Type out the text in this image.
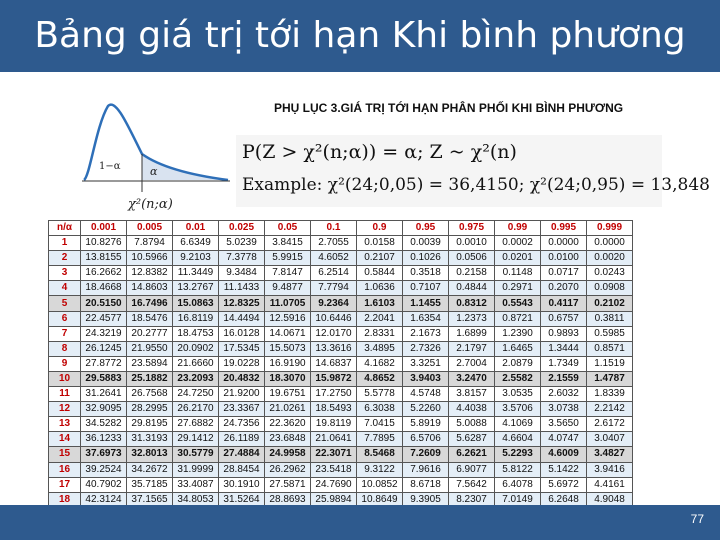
Bảng giá trị tới hạn Khi bình phương
PHỤ LỤC 3.GIÁ TRỊ TỚI HẠN PHÂN PHỐI KHI BÌNH PHƯƠNG
1−α	α
χ²(n;α)
P(Z > χ²(n;α)) = α; Z ~ χ²(n)
Example: χ²(24;0,05) = 36,4150; χ²(24;0,95) = 13,848
n/α	0.001	0.005	0.01	0.025	0.05	0.1	0.9	0.95	0.975	0.99	0.995	0.999
1	10.8276	7.8794	6.6349	5.0239	3.8415	2.7055	0.0158	0.0039	0.0010	0.0002	0.0000	0.0000
2	13.8155	10.5966	9.2103	7.3778	5.9915	4.6052	0.2107	0.1026	0.0506	0.0201	0.0100	0.0020
3	16.2662	12.8382	11.3449	9.3484	7.8147	6.2514	0.5844	0.3518	0.2158	0.1148	0.0717	0.0243
4	18.4668	14.8603	13.2767	11.1433	9.4877	7.7794	1.0636	0.7107	0.4844	0.2971	0.2070	0.0908
5	20.5150	16.7496	15.0863	12.8325	11.0705	9.2364	1.6103	1.1455	0.8312	0.5543	0.4117	0.2102
6	22.4577	18.5476	16.8119	14.4494	12.5916	10.6446	2.2041	1.6354	1.2373	0.8721	0.6757	0.3811
7	24.3219	20.2777	18.4753	16.0128	14.0671	12.0170	2.8331	2.1673	1.6899	1.2390	0.9893	0.5985
8	26.1245	21.9550	20.0902	17.5345	15.5073	13.3616	3.4895	2.7326	2.1797	1.6465	1.3444	0.8571
9	27.8772	23.5894	21.6660	19.0228	16.9190	14.6837	4.1682	3.3251	2.7004	2.0879	1.7349	1.1519
10	29.5883	25.1882	23.2093	20.4832	18.3070	15.9872	4.8652	3.9403	3.2470	2.5582	2.1559	1.4787
11	31.2641	26.7568	24.7250	21.9200	19.6751	17.2750	5.5778	4.5748	3.8157	3.0535	2.6032	1.8339
12	32.9095	28.2995	26.2170	23.3367	21.0261	18.5493	6.3038	5.2260	4.4038	3.5706	3.0738	2.2142
13	34.5282	29.8195	27.6882	24.7356	22.3620	19.8119	7.0415	5.8919	5.0088	4.1069	3.5650	2.6172
14	36.1233	31.3193	29.1412	26.1189	23.6848	21.0641	7.7895	6.5706	5.6287	4.6604	4.0747	3.0407
15	37.6973	32.8013	30.5779	27.4884	24.9958	22.3071	8.5468	7.2609	6.2621	5.2293	4.6009	3.4827
16	39.2524	34.2672	31.9999	28.8454	26.2962	23.5418	9.3122	7.9616	6.9077	5.8122	5.1422	3.9416
17	40.7902	35.7185	33.4087	30.1910	27.5871	24.7690	10.0852	8.6718	7.5642	6.4078	5.6972	4.4161
18	42.3124	37.1565	34.8053	31.5264	28.8693	25.9894	10.8649	9.3905	8.2307	7.0149	6.2648	4.9048

77
